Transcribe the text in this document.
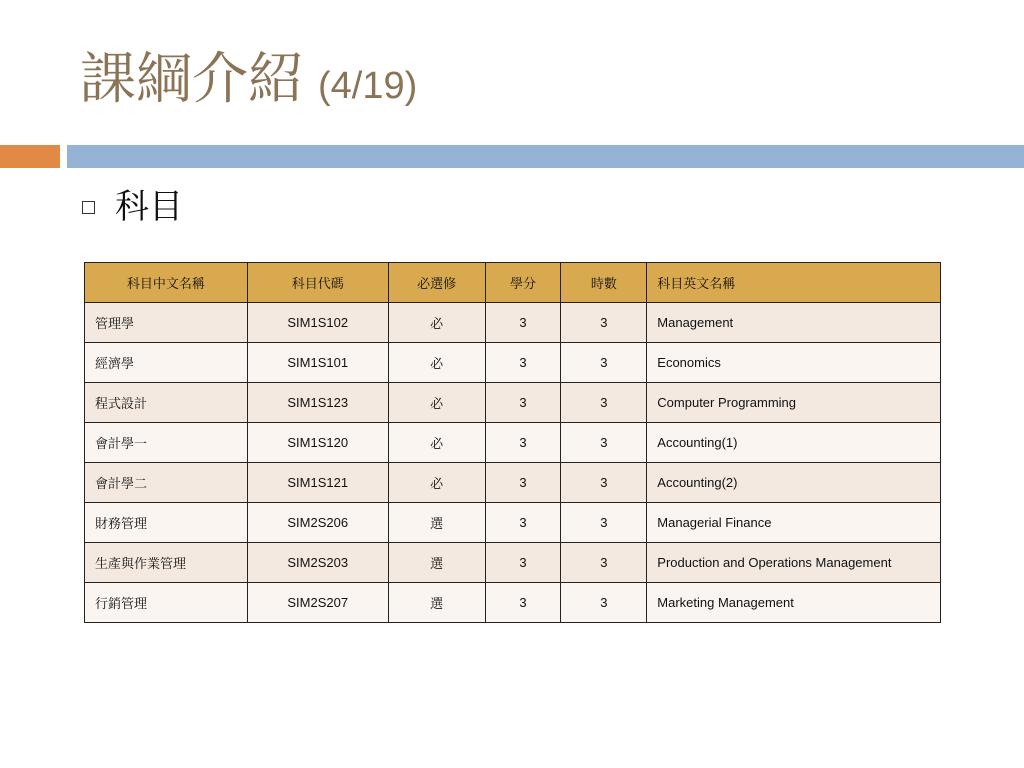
課綱介紹 (4/19)
科目
科目中文名稱	科目代碼	必選修	學分	時數	科目英文名稱
管理學	SIM1S102	必	3	3	Management
經濟學	SIM1S101	必	3	3	Economics
程式設計	SIM1S123	必	3	3	Computer Programming
會計學一	SIM1S120	必	3	3	Accounting(1)
會計學二	SIM1S121	必	3	3	Accounting(2)
財務管理	SIM2S206	選	3	3	Managerial Finance
生產與作業管理	SIM2S203	選	3	3	Production and Operations Management
行銷管理	SIM2S207	選	3	3	Marketing Management
